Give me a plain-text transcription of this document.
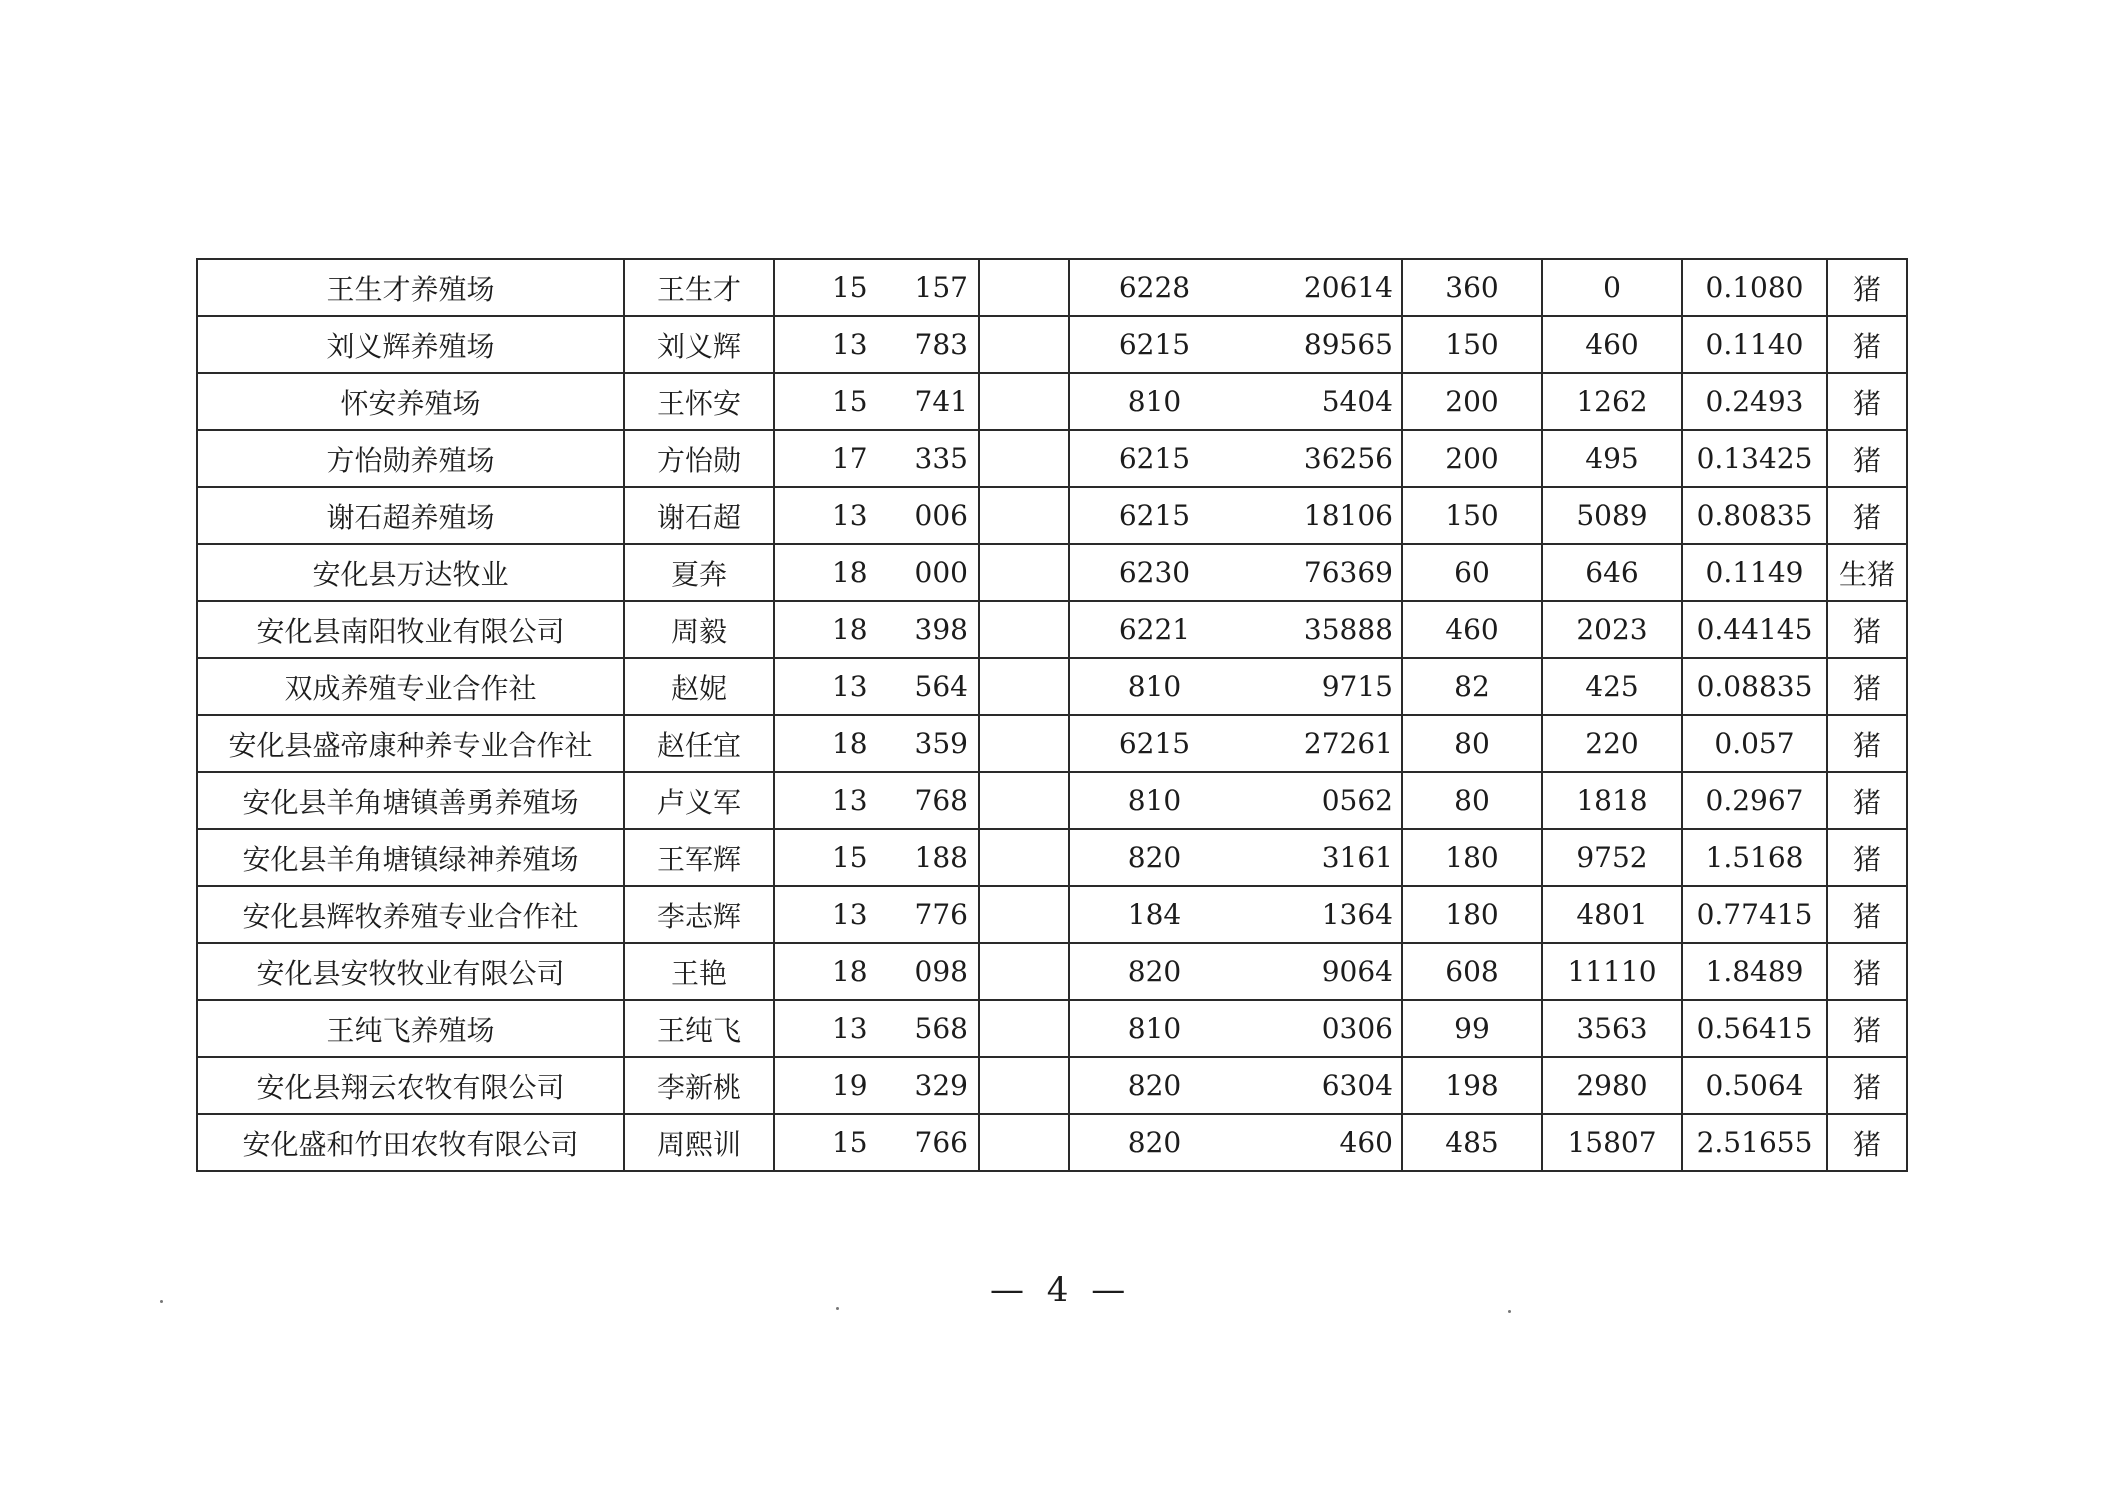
王生才养殖场	王生才	15 157		6228	20614	360	0	0.1080	猪
刘义辉养殖场	刘义辉	13 783		6215	89565	150	460	0.1140	猪
怀安养殖场	王怀安	15 741		810	5404	200	1262	0.2493	猪
方怡勋养殖场	方怡勋	17 335		6215	36256	200	495	0.13425	猪
谢石超养殖场	谢石超	13 006		6215	18106	150	5089	0.80835	猪
安化县万达牧业	夏奔	18 000		6230	76369	60	646	0.1149	生猪
安化县南阳牧业有限公司	周毅	18 398		6221	35888	460	2023	0.44145	猪
双成养殖专业合作社	赵妮	13 564		810	9715	82	425	0.08835	猪
安化县盛帝康种养专业合作社	赵任宜	18 359		6215	27261	80	220	0.057	猪
安化县羊角塘镇善勇养殖场	卢义军	13 768		810	0562	80	1818	0.2967	猪
安化县羊角塘镇绿神养殖场	王军辉	15 188		820	3161	180	9752	1.5168	猪
安化县辉牧养殖专业合作社	李志辉	13 776		184	1364	180	4801	0.77415	猪
安化县安牧牧业有限公司	王艳	18 098		820	9064	608	11110	1.8489	猪
王纯飞养殖场	王纯飞	13 568		810	0306	99	3563	0.56415	猪
安化县翔云农牧有限公司	李新桃	19 329		820	6304	198	2980	0.5064	猪
安化盛和竹田农牧有限公司	周熙训	15 766		820	460	485	15807	2.51655	猪
— 4 —
